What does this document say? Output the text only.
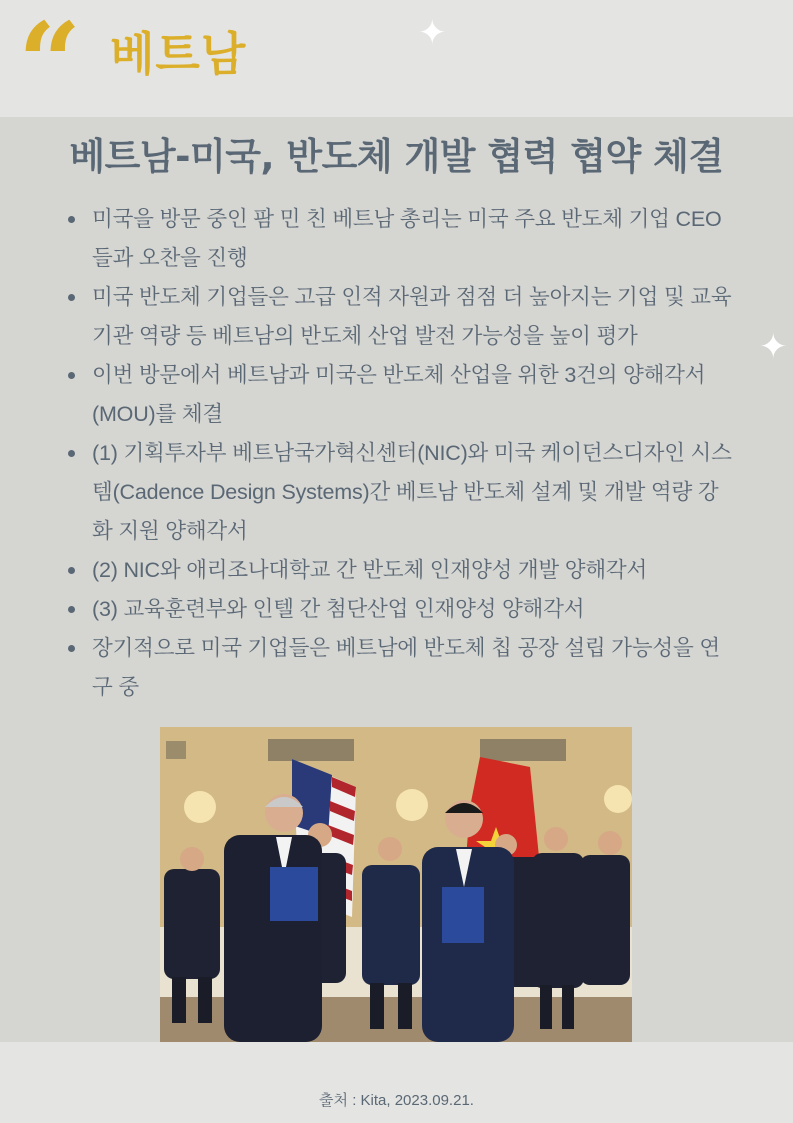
“ 베트남	✦
✦
베트남-미국, 반도체 개발 협력 협약 체결
미국을 방문 중인 팜 민 친 베트남 총리는 미국 주요 반도체 기업 CEO들과 오찬을 진행
미국 반도체 기업들은 고급 인적 자원과 점점 더 높아지는 기업 및 교육기관 역량 등 베트남의 반도체 산업 발전 가능성을 높이 평가
이번 방문에서 베트남과 미국은 반도체 산업을 위한 3건의 양해각서(MOU)를 체결
(1) 기획투자부 베트남국가혁신센터(NIC)와 미국 케이던스디자인 시스템(Cadence Design Systems)간 베트남 반도체 설계 및 개발 역량 강화 지원 양해각서
(2) NIC와 애리조나대학교 간 반도체 인재양성 개발 양해각서
(3) 교육훈련부와 인텔 간 첨단산업 인재양성 양해각서
장기적으로 미국 기업들은 베트남에 반도체 칩 공장 설립 가능성을 연구 중
출처 : Kita, 2023.09.21.
